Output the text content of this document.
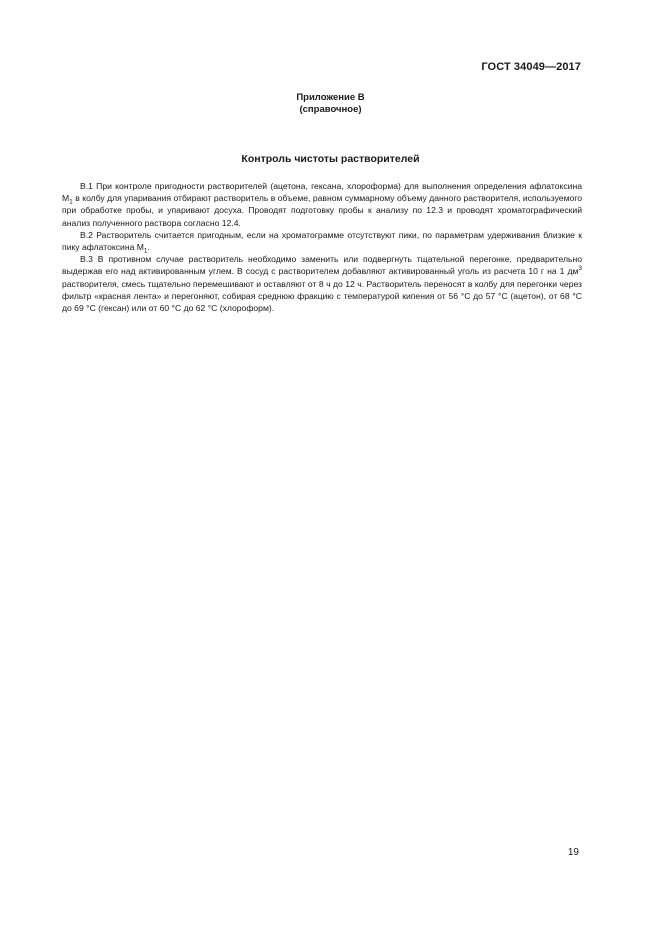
ГОСТ 34049—2017
Приложение В
(справочное)
Контроль чистоты растворителей

В.1 При контроле пригодности растворителей (ацетона, гексана, хлороформа) для выполнения определения афлатоксина $М_1$ в колбу для упаривания отбирают растворитель в объеме, равном суммарному объему данного растворителя, используемого при обработке пробы, и упаривают досуха. Проводят подготовку пробы к анализу по 12.3 и проводят хроматографический анализ полученного раствора согласно 12.4.

В.2 Растворитель считается пригодным, если на хроматограмме отсутствуют пики, по параметрам удерживания близкие к пику афлатоксина $М_1$.

В.3 В противном случае растворитель необходимо заменить или подвергнуть тщательной перегонке, предварительно выдержав его над активированным углем. В сосуд с растворителем добавляют активированный уголь из расчета 10 г на 1 $дм^3$ растворителя, смесь тщательно перемешивают и оставляют от 8 ч до 12 ч. Растворитель переносят в колбу для перегонки через фильтр «красная лента» и перегоняют, собирая среднюю фракцию с температурой кипения от 56 °С до 57 °С (ацетон), от 68 °С до 69 °С (гексан) или от 60 °С до 62 °С (хлороформ).

19
